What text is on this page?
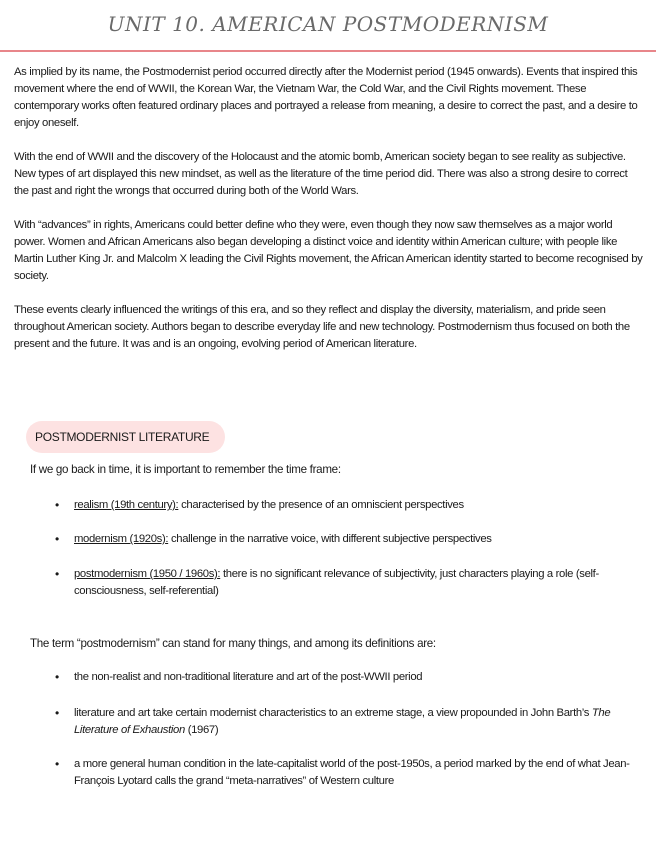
UNIT 10. AMERICAN POSTMODERNISM

As implied by its name, the Postmodernist period occurred directly after the Modernist period (1945 onwards). Events that inspired this movement where the end of WWII, the Korean War, the Vietnam War, the Cold War, and the Civil Rights movement. These contemporary works often featured ordinary places and portrayed a release from meaning, a desire to correct the past, and a desire to enjoy oneself.

With the end of WWII and the discovery of the Holocaust and the atomic bomb, American society began to see reality as subjective. New types of art displayed this new mindset, as well as the literature of the time period did. There was also a strong desire to correct the past and right the wrongs that occurred during both of the World Wars.

With “advances” in rights, Americans could better define who they were, even though they now saw themselves as a major world power. Women and African Americans also began developing a distinct voice and identity within American culture; with people like Martin Luther King Jr. and Malcolm X leading the Civil Rights movement, the African American identity started to become recognised by society.

These events clearly influenced the writings of this era, and so they reflect and display the diversity, materialism, and pride seen throughout American society. Authors began to describe everyday life and new technology. Postmodernism thus focused on both the present and the future. It was and is an ongoing, evolving period of American literature.

POSTMODERNIST LITERATURE

If we go back in time, it is important to remember the time frame:

• realism (19th century): characterised by the presence of an omniscient perspectives
• modernism (1920s): challenge in the narrative voice, with different subjective perspectives
• postmodernism (1950 / 1960s): there is no significant relevance of subjectivity, just characters playing a role (self-consciousness, self-referential)

The term “postmodernism” can stand for many things, and among its definitions are:

• the non-realist and non-traditional literature and art of the post-WWII period
• literature and art take certain modernist characteristics to an extreme stage, a view propounded in John Barth’s The Literature of Exhaustion (1967)
• a more general human condition in the late-capitalist world of the post-1950s, a period marked by the end of what Jean-François Lyotard calls the grand “meta-narratives” of Western culture
